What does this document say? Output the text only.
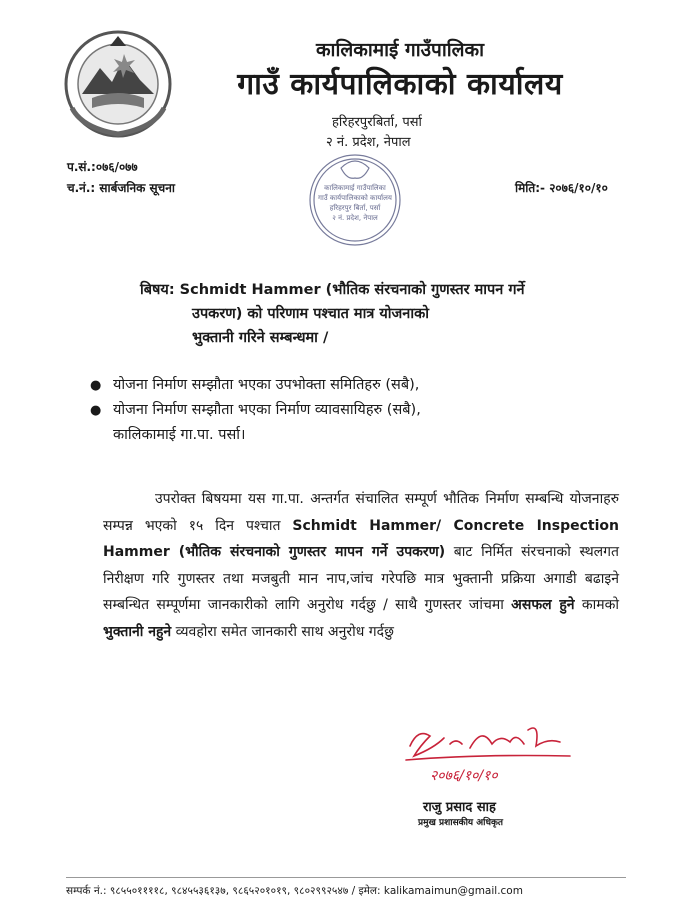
कालिकामाई गाउँपालिका
गाउँ कार्यपालिकाको कार्यालय
हरिहरपुरबिर्ता, पर्सा
२ नं. प्रदेश, नेपाल
प.सं.:०७६/०७७
च.नं.: सार्बजनिक सूचना	मिति:- २०७६/१०/१०
कालिकामाई गाउँपालिका
गाउँ कार्यपालिकाको कार्यालय
हरिहरपुर बिर्ता, पर्सा
२ नं. प्रदेश, नेपाल
बिषय: Schmidt Hammer (भौतिक संरचनाको गुणस्तर मापन गर्ने
उपकरण) को परिणाम पश्चात मात्र योजनाको
भुक्तानी गरिने सम्बन्धमा /
● योजना निर्माण सम्झौता भएका उपभोक्ता समितिहरु (सबै),
● योजना निर्माण सम्झौता भएका निर्माण व्यावसायिहरु (सबै),
कालिकामाई गा.पा. पर्सा।
उपरोक्त बिषयमा यस गा.पा. अन्तर्गत संचालित सम्पूर्ण भौतिक निर्माण सम्बन्धि योजनाहरु सम्पन्न भएको १५ दिन पश्चात Schmidt Hammer/ Concrete Inspection Hammer (भौतिक संरचनाको गुणस्तर मापन गर्ने उपकरण) बाट निर्मित संरचनाको स्थलगत निरीक्षण गरि गुणस्तर तथा मजबुती मान नाप,जांच गरेपछि मात्र भुक्तानी प्रक्रिया अगाडी बढाइने सम्बन्धित सम्पूर्णमा जानकारीको लागि अनुरोध गर्दछु / साथै गुणस्तर जांचमा असफल हुने कामको भुक्तानी नहुने व्यवहोरा समेत जानकारी साथ अनुरोध गर्दछु
२०७६/१०/१०
राजु प्रसाद साह
प्रमुख प्रशासकीय अधिकृत
सम्पर्क नं.: ९८५५०११११८, ९८४५५३६१३७, ९८६५२०१०१९, ९८०२९९२५४७ / इमेल: kalikamaimun@gmail.com
